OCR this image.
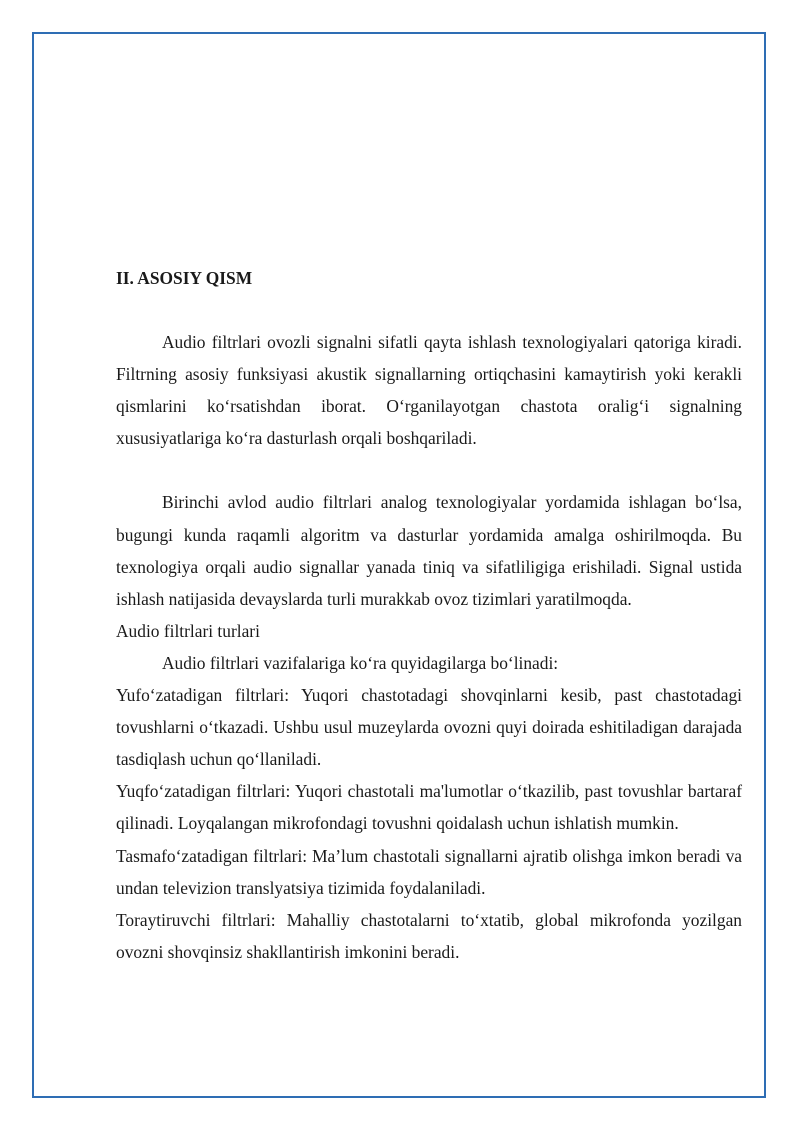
II. ASOSIY QISM

Audio filtrlari ovozli signalni sifatli qayta ishlash texnologiyalari qatoriga kiradi. Filtrning asosiy funksiyasi akustik signallarning ortiqchasini kamaytirish yoki kerakli qismlarini ko‘rsatishdan iborat. O‘rganilayotgan chastota oralig‘i signalning xususiyatlariga ko‘ra dasturlash orqali boshqariladi.

Birinchi avlod audio filtrlari analog texnologiyalar yordamida ishlagan bo‘lsa, bugungi kunda raqamli algoritm va dasturlar yordamida amalga oshirilmoqda. Bu texnologiya orqali audio signallar yanada tiniq va sifatliligiga erishiladi. Signal ustida ishlash natijasida devayslarda turli murakkab ovoz tizimlari yaratilmoqda.

Audio filtrlari turlari

Audio filtrlari vazifalariga ko‘ra quyidagilarga bo‘linadi:

Yufo‘zatadigan filtrlari: Yuqori chastotadagi shovqinlarni kesib, past chastotadagi tovushlarni o‘tkazadi. Ushbu usul muzeylarda ovozni quyi doirada eshitiladigan darajada tasdiqlash uchun qo‘llaniladi.

Yuqfo‘zatadigan filtrlari: Yuqori chastotali ma'lumotlar o‘tkazilib, past tovushlar bartaraf qilinadi. Loyqalangan mikrofondagi tovushni qoidalash uchun ishlatish mumkin.

Tasmafo‘zatadigan filtrlari: Ma’lum chastotali signallarni ajratib olishga imkon beradi va undan televizion translyatsiya tizimida foydalaniladi.

Toraytiruvchi filtrlari: Mahalliy chastotalarni to‘xtatib, global mikrofonda yozilgan ovozni shovqinsiz shakllantirish imkonini beradi.
